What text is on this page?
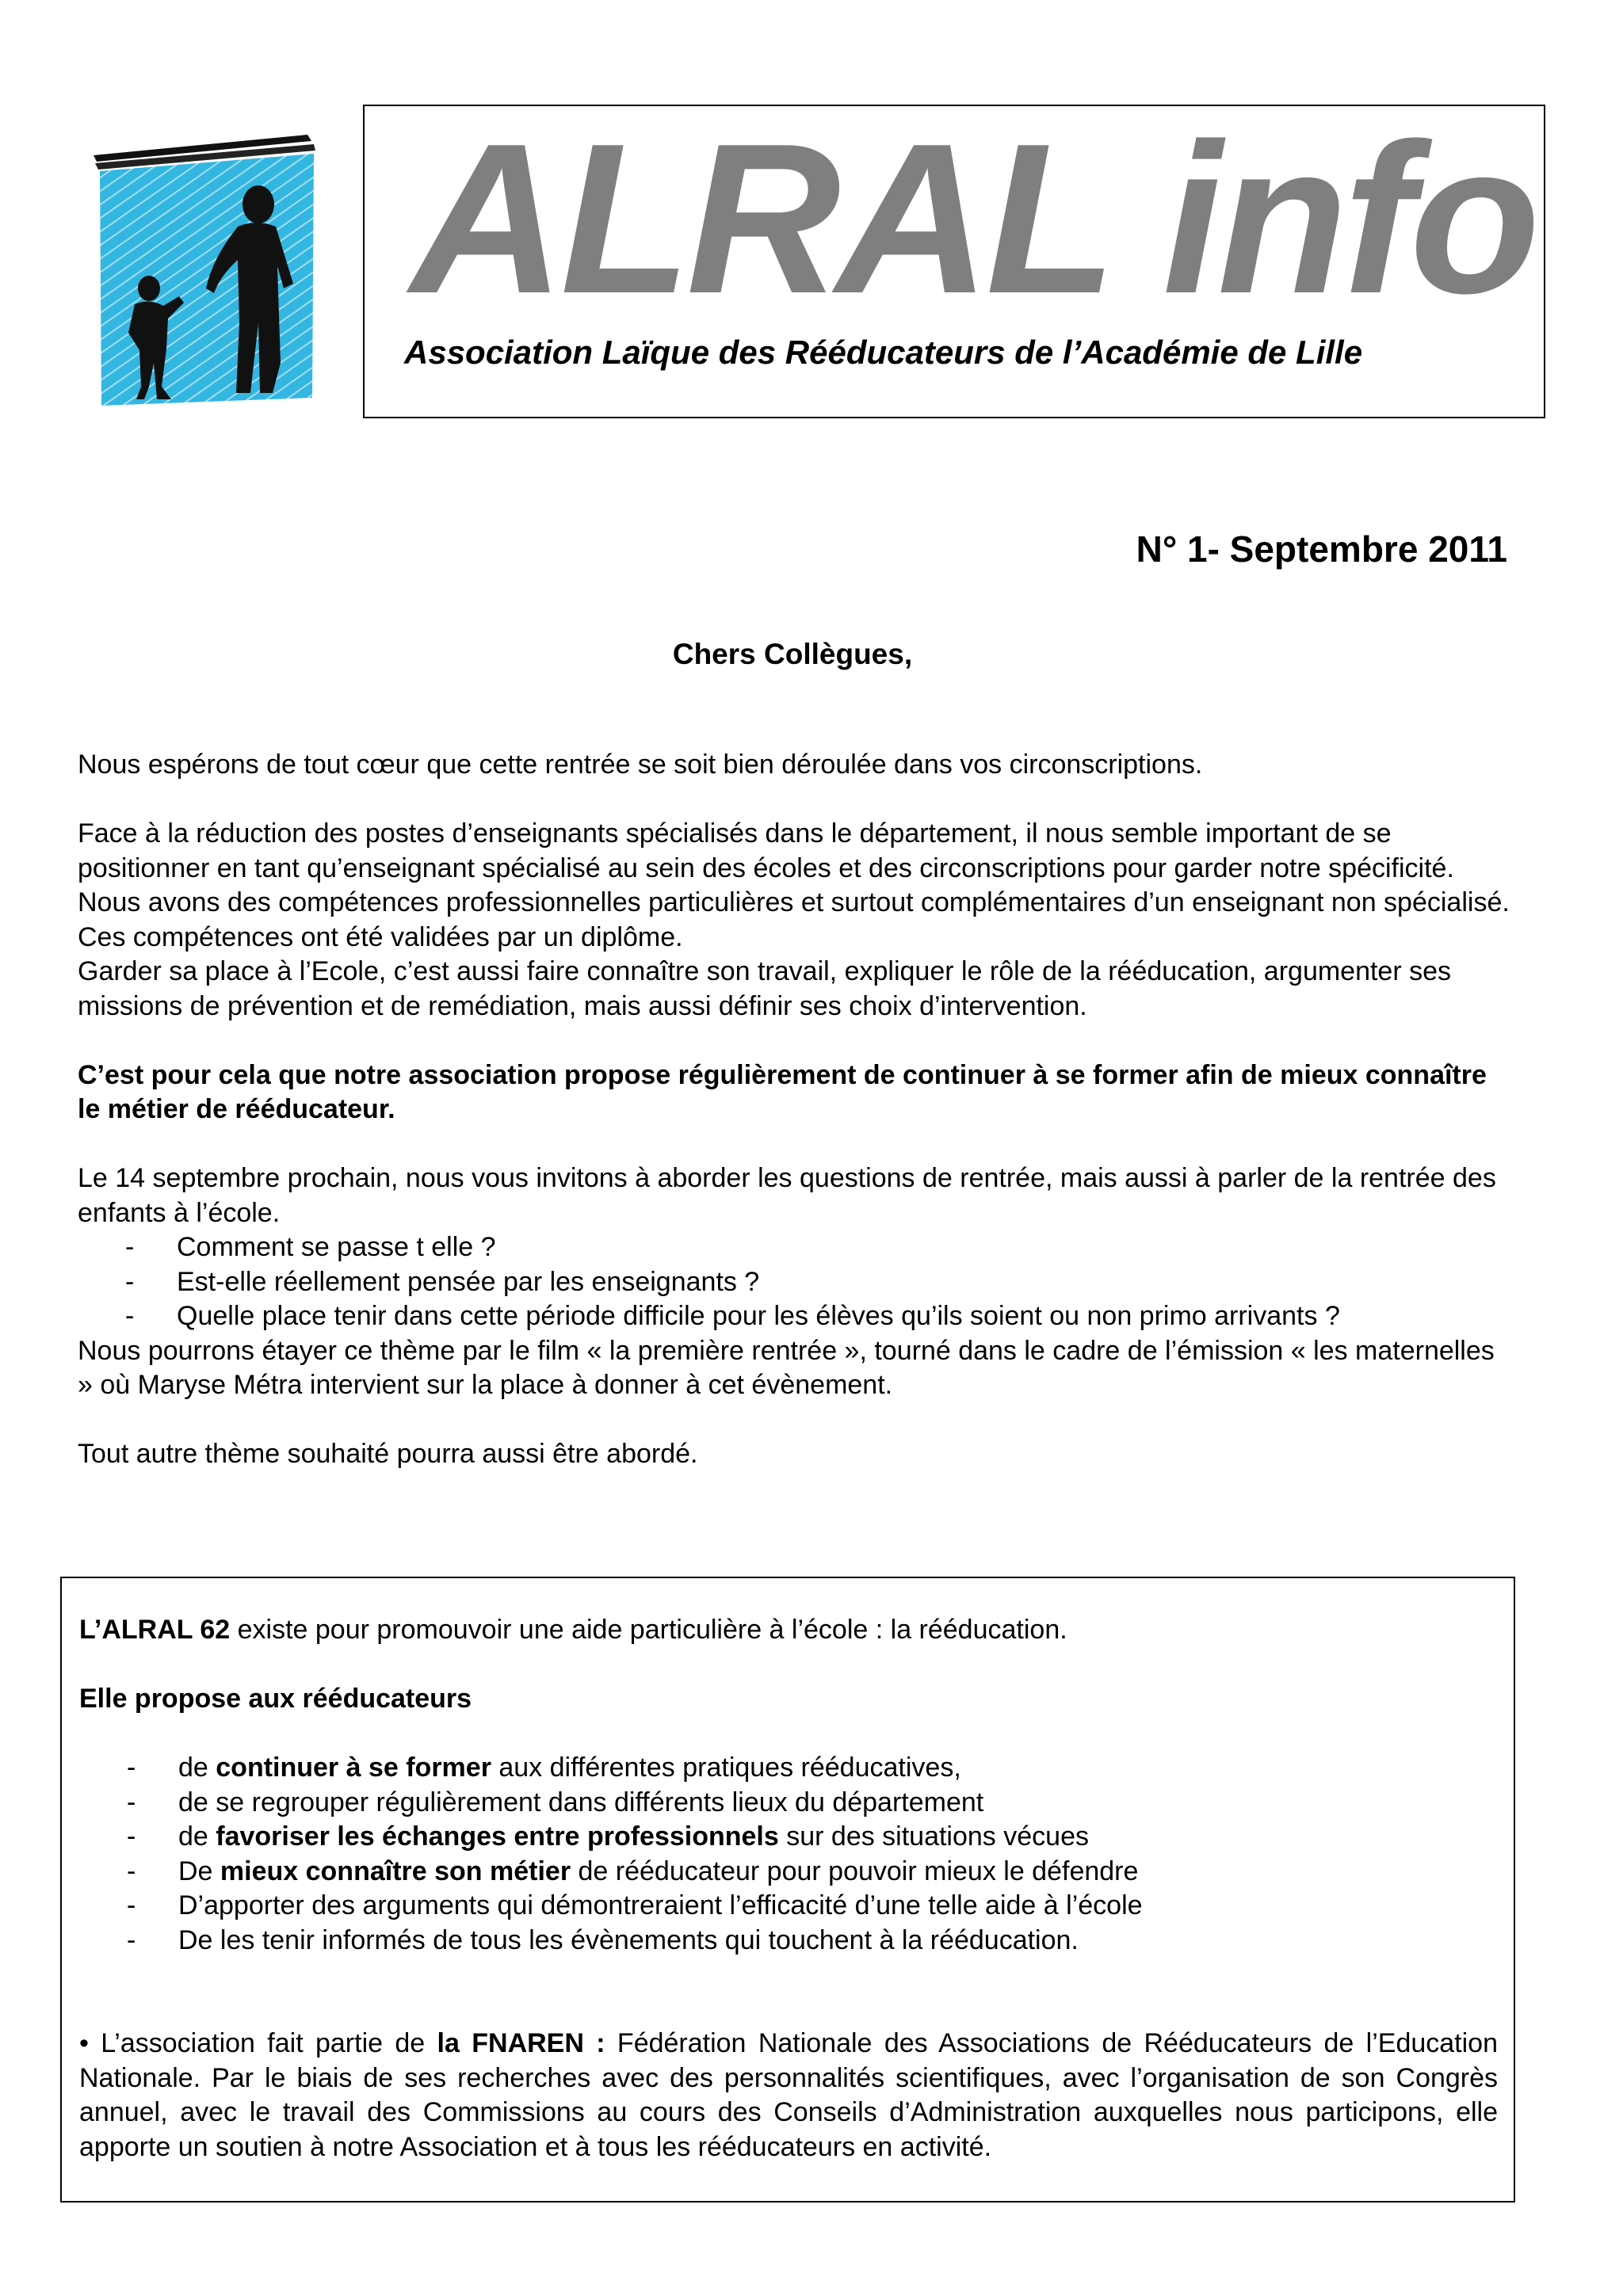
ALRAL info
Association Laïque des Rééducateurs de l’Académie de Lille
N° 1- Septembre 2011
Chers Collègues,

Nous espérons de tout cœur que cette rentrée se soit bien déroulée dans vos circonscriptions.

Face à la réduction des postes d’enseignants spécialisés dans le département, il nous semble important de se positionner en tant qu’enseignant spécialisé au sein des écoles et des circonscriptions pour garder notre spécificité.

Nous avons des compétences professionnelles particulières et surtout complémentaires d’un enseignant non spécialisé. Ces compétences ont été validées par un diplôme.

Garder sa place à l’Ecole, c’est aussi faire connaître son travail, expliquer le rôle de la rééducation, argumenter ses missions de prévention et de remédiation, mais aussi définir ses choix d’intervention.

C’est pour cela que notre association propose régulièrement de continuer à se former afin de mieux connaître le métier de rééducateur.

Le 14 septembre prochain, nous vous invitons à aborder les questions de rentrée, mais aussi à parler de la rentrée des enfants à l’école.

- Comment se passe t elle ?
- Est-elle réellement pensée par les enseignants ?
- Quelle place tenir dans cette période difficile pour les élèves qu’ils soient ou non primo arrivants ?

Nous pourrons étayer ce thème par le film « la première rentrée », tourné dans le cadre de l’émission « les maternelles » où Maryse Métra intervient sur la place à donner à cet évènement.

Tout autre thème souhaité pourra aussi être abordé.

L’ALRAL 62 existe pour promouvoir une aide particulière à l’école : la rééducation.

Elle propose aux rééducateurs

- de continuer à se former aux différentes pratiques rééducatives,
- de se regrouper régulièrement dans différents lieux du département
- de favoriser les échanges entre professionnels sur des situations vécues
- De mieux connaître son métier de rééducateur pour pouvoir mieux le défendre
- D’apporter des arguments qui démontreraient l’efficacité d’une telle aide à l’école
- De les tenir informés de tous les évènements qui touchent à la rééducation.

• L’association fait partie de la FNAREN : Fédération Nationale des Associations de Rééducateurs de l’Education Nationale. Par le biais de ses recherches avec des personnalités scientifiques, avec l’organisation de son Congrès annuel, avec le travail des Commissions au cours des Conseils d’Administration auxquelles nous participons, elle apporte un soutien à notre Association et à tous les rééducateurs en activité.
